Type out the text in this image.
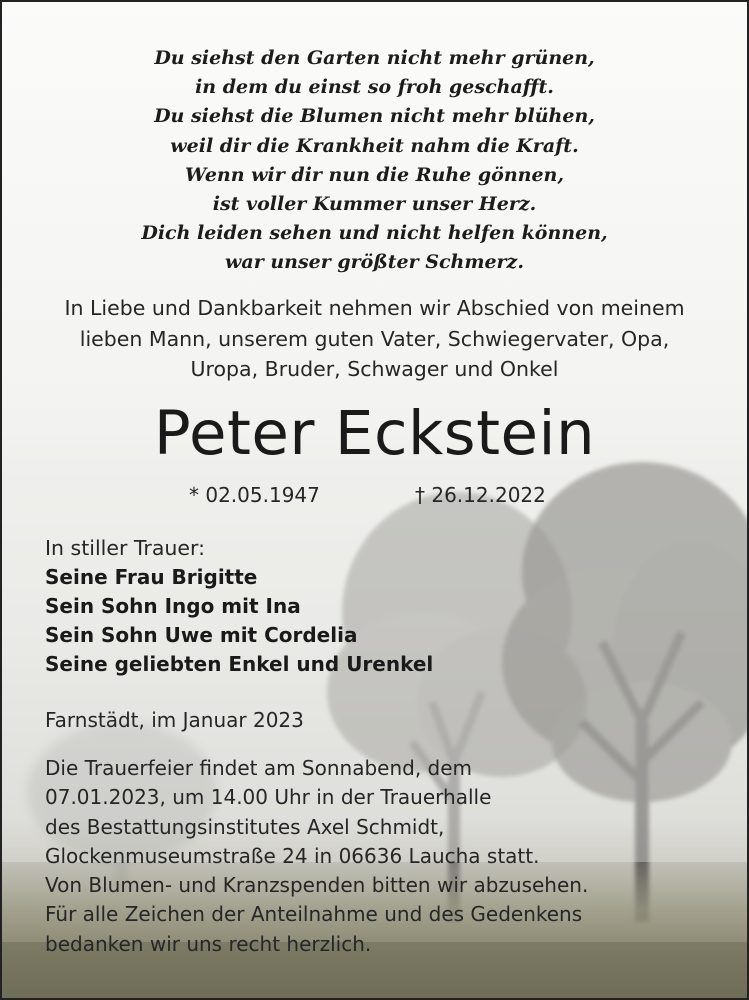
Du siehst den Garten nicht mehr grünen,
in dem du einst so froh geschafft.
Du siehst die Blumen nicht mehr blühen,
weil dir die Krankheit nahm die Kraft.
Wenn wir dir nun die Ruhe gönnen,
ist voller Kummer unser Herz.
Dich leiden sehen und nicht helfen können,
war unser größter Schmerz.
In Liebe und Dankbarkeit nehmen wir Abschied von meinem
lieben Mann, unserem guten Vater, Schwiegervater, Opa,
Uropa, Bruder, Schwager und Onkel
Peter Eckstein
* 02.05.1947	† 26.12.2022
In stiller Trauer:
Seine Frau Brigitte
Sein Sohn Ingo mit Ina
Sein Sohn Uwe mit Cordelia
Seine geliebten Enkel und Urenkel
Farnstädt, im Januar 2023
Die Trauerfeier findet am Sonnabend, dem
07.01.2023, um 14.00 Uhr in der Trauerhalle
des Bestattungsinstitutes Axel Schmidt,
Glockenmuseumstraße 24 in 06636 Laucha statt.
Von Blumen- und Kranzspenden bitten wir abzusehen.
Für alle Zeichen der Anteilnahme und des Gedenkens
bedanken wir uns recht herzlich.
